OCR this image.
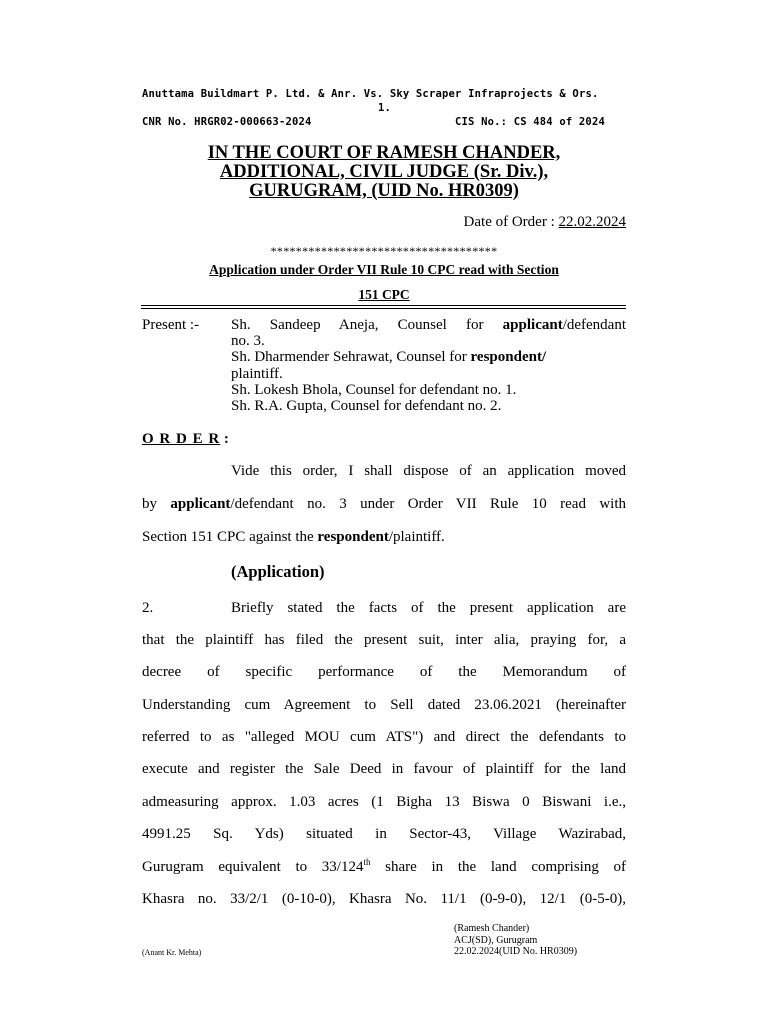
Anuttama Buildmart P. Ltd. & Anr. Vs. Sky Scraper Infraprojects & Ors.
1.
CNR No. HRGR02-000663-2024	CIS No.: CS 484 of 2024
IN THE COURT OF RAMESH CHANDER,
ADDITIONAL, CIVIL JUDGE (Sr. Div.),
GURUGRAM, (UID No. HR0309)
Date of Order : 22.02.2024
************************************
Application under Order VII Rule 10 CPC read with Section
151 CPC
Present :- Sh. Sandeep Aneja, Counsel for applicant/defendant
no. 3.
Sh. Dharmender Sehrawat, Counsel for respondent/
plaintiff.
Sh. Lokesh Bhola, Counsel for defendant no. 1.
Sh. R.A. Gupta, Counsel for defendant no. 2.
O R D E R :
Vide this order, I shall dispose of an application moved
by applicant/defendant no. 3 under Order VII Rule 10 read with
Section 151 CPC against the respondent/plaintiff.
(Application)
2.	Briefly stated the facts of the present application are
that the plaintiff has filed the present suit, inter alia, praying for, a
decree of specific performance of the Memorandum of
Understanding cum Agreement to Sell dated 23.06.2021 (hereinafter
referred to as "alleged MOU cum ATS") and direct the defendants to
execute and register the Sale Deed in favour of plaintiff for the land
admeasuring approx. 1.03 acres (1 Bigha 13 Biswa 0 Biswani i.e.,
4991.25 Sq. Yds) situated in Sector-43, Village Wazirabad,
Gurugram equivalent to 33/124th share in the land comprising of
Khasra no. 33/2/1 (0-10-0), Khasra No. 11/1 (0-9-0), 12/1 (0-5-0),
(Ramesh Chander)
ACJ(SD), Gurugram
22.02.2024(UID No. HR0309)
(Anant Kr. Mehta)
